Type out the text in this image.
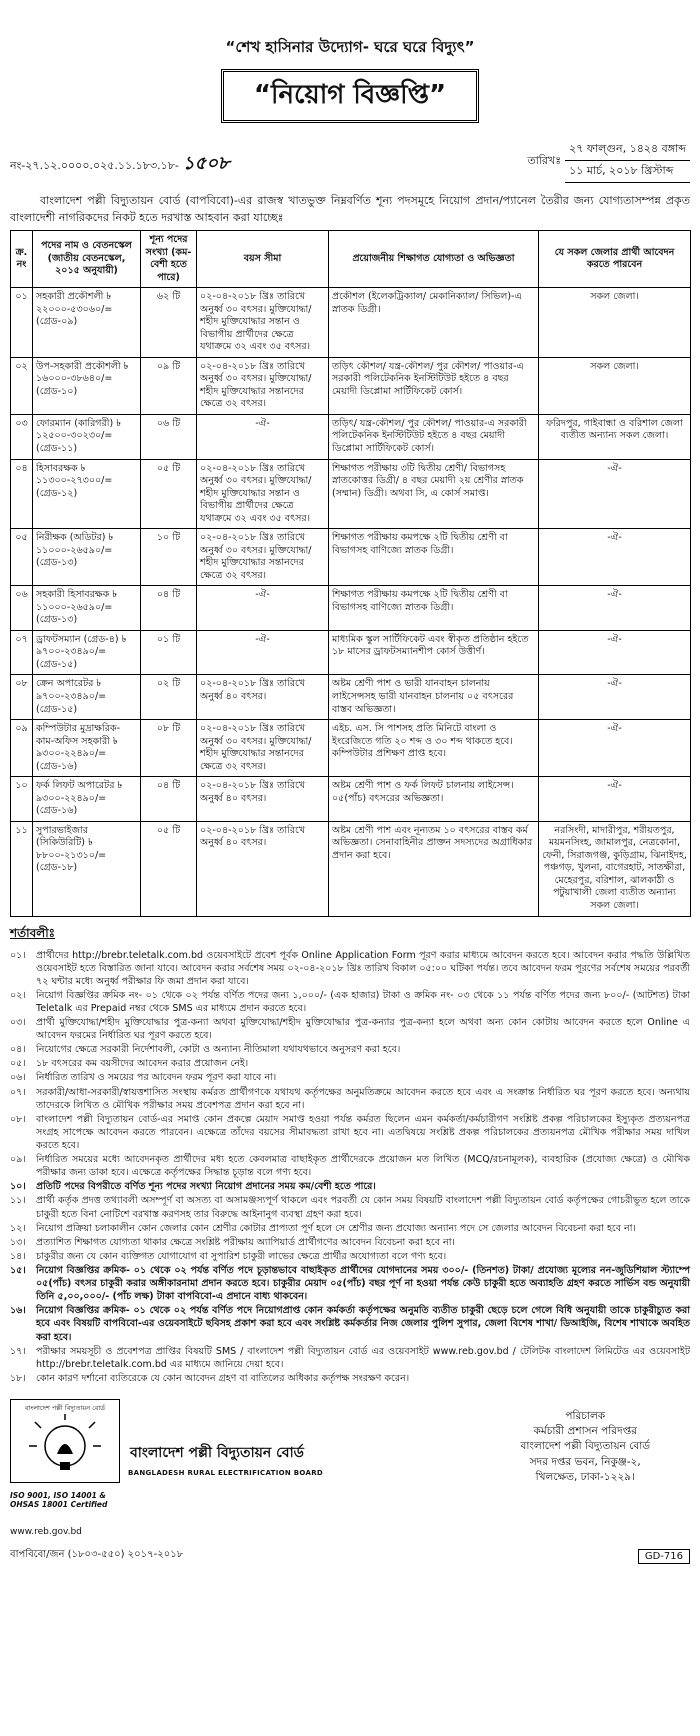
“শেখ হাসিনার উদ্যোগ- ঘরে ঘরে বিদ্যুৎ”
“নিয়োগ বিজ্ঞপ্তি”
নং-২৭.১২.০০০০.০২৫.১১.১৮৩.১৮- ১৫০৮	তারিখঃ
২৭ ফাল্গুন, ১৪২৪ বঙ্গাব্দ
১১ মার্চ, ২০১৮ খ্রিস্টাব্দ
বাংলাদেশ পল্লী বিদ্যুতায়ন বোর্ড (বাপবিবো)-এর রাজস্ব খাতভুক্ত নিম্নবর্ণিত শূন্য পদসমূহে নিয়োগ প্রদান/প্যানেল তৈরীর জন্য যোগ্যতাসম্পন্ন প্রকৃত বাংলাদেশী নাগরিকদের নিকট হতে দরখাস্ত আহবান করা যাচ্ছেঃ
ক্র. নং	পদের নাম ও বেতনস্কেল (জাতীয় বেতনস্কেল, ২০১৫ অনুযায়ী)	শূন্য পদের সংখ্যা (কম-বেশী হতে পারে)	বয়স সীমা	প্রয়োজনীয় শিক্ষাগত যোগ্যতা ও অভিজ্ঞতা	যে সকল জেলার প্রার্থী আবেদন করতে পারবেন
০১	সহকারী প্রকৌশলী ৳ ২২০০০-৫৩০৬০/= (গ্রেড-০৯)	৬২ টি	০২-০৪-২০১৮ খ্রিঃ তারিখে অনুর্ধ্ব ৩০ বৎসর। মুক্তিযোদ্ধা/ শহীদ মুক্তিযোদ্ধার সন্তান ও বিভাগীয় প্রার্থীদের ক্ষেত্রে যথাক্রমে ৩২ এবং ৩৫ বৎসর।	প্রকৌশল (ইলেকট্রিক্যাল/ মেকানিক্যাল/ সিভিল)-এ স্নাতক ডিগ্রী।	সকল জেলা।
০২	উপ-সহকারী প্রকৌশলী ৳ ১৬০০০-৩৮৬৪০/= (গ্রেড-১০)	০৯ টি	০২-০৪-২০১৮ খ্রিঃ তারিখে অনুর্ধ্ব ৩০ বৎসর। মুক্তিযোদ্ধা/ শহীদ মুক্তিযোদ্ধার সন্তানদের ক্ষেত্রে ৩২ বৎসর।	তড়িৎ কৌশল/ যন্ত্র-কৌশল/ পুর কৌশল/ পাওয়ার-এ সরকারী পলিটেকনিক ইনস্টিটিউট হইতে ৪ বছর মেয়াদী ডিপ্লোমা সার্টিফিকেট কোর্স।	সকল জেলা।
০৩	ফোরম্যান (কারিগরী) ৳ ১২৫০০-৩০২৩০/= (গ্রেড-১১)	০৬ টি	-ঐ-	তড়িৎ/ যন্ত্র-কৌশল/ পুর কৌশল/ পাওয়ার-এ সরকারী পলিটেকনিক ইনস্টিটিউট হইতে ৪ বছর মেয়াদী ডিপ্লোমা সার্টিফিকেট কোর্স।	ফরিদপুর, গাইবান্ধা ও বরিশাল জেলা ব্যতীত অন্যান্য সকল জেলা।
০৪	হিসাবরক্ষক ৳ ১১৩০০-২৭৩০০/= (গ্রেড-১২)	০৫ টি	০২-০৪-২০১৮ খ্রিঃ তারিখে অনুর্ধ্ব ৩০ বৎসর। মুক্তিযোদ্ধা/ শহীদ মুক্তিযোদ্ধার সন্তান ও বিভাগীয় প্রার্থীদের ক্ষেত্রে যথাক্রমে ৩২ এবং ৩৫ বৎসর।	শিক্ষাগত পরীক্ষায় ৩টি দ্বিতীয় শ্রেণী/ বিভাগসহ স্নাতকোত্তর ডিগ্রী/ ৪ বছর মেয়াদী ২য় শ্রেণীর স্নাতক (সম্মান) ডিগ্রী। অথবা সি, এ কোর্স সমাপ্ত।	-ঐ-
০৫	নিরীক্ষক (অডিটর) ৳ ১১০০০-২৬৫৯০/= (গ্রেড-১৩)	১০ টি	০২-০৪-২০১৮ খ্রিঃ তারিখে অনুর্ধ্ব ৩০ বৎসর। মুক্তিযোদ্ধা/ শহীদ মুক্তিযোদ্ধার সন্তানদের ক্ষেত্রে ৩২ বৎসর।	শিক্ষাগত পরীক্ষায় কমপক্ষে ২টি দ্বিতীয় শ্রেণী বা বিভাগসহ বাণিজ্যে স্নাতক ডিগ্রী।	-ঐ-
০৬	সহকারী হিসাবরক্ষক ৳ ১১০০০-২৬৫৯০/= (গ্রেড-১৩)	০৪ টি	-ঐ-	শিক্ষাগত পরীক্ষায় কমপক্ষে ২টি দ্বিতীয় শ্রেণী বা বিভাগসহ বাণিজ্যে স্নাতক ডিগ্রী।	-ঐ-
০৭	ড্রাফটসম্যান (গ্রেড-৪) ৳ ৯৭০০-২৩৪৯০/= (গ্রেড-১৫)	০১ টি	-ঐ-	মাধ্যমিক স্কুল সার্টিফিকেট এবং স্বীকৃত প্রতিষ্ঠান হইতে ১৮ মাসের ড্রাফটসম্যানশীপ কোর্স উত্তীর্ণ।	-ঐ-
০৮	ক্রেন অপারেটর ৳ ৯৭০০-২৩৪৯০/= (গ্রেড-১৫)	০২ টি	০২-০৪-২০১৮ খ্রিঃ তারিখে অনুর্ধ্ব ৪০ বৎসর।	অষ্টম শ্রেণী পাশ ও ভারী যানবাহন চালনায় লাইসেন্সসহ ভারী যানবাহন চালনায় ০৫ বৎসরের বাস্তব অভিজ্ঞতা।	-ঐ-
০৯	কম্পিউটার মুদ্রাক্ষরিক-কাম-অফিস সহকারী ৳ ৯৩০০-২২৪৯০/= (গ্রেড-১৬)	০৮ টি	০২-০৪-২০১৮ খ্রিঃ তারিখে অনুর্ধ্ব ৩০ বৎসর। মুক্তিযোদ্ধা/ শহীদ মুক্তিযোদ্ধার সন্তানদের ক্ষেত্রে ৩২ বৎসর।	এইচ. এস. সি পাশসহ প্রতি মিনিটে বাংলা ও ইংরেজিতে গতি ২০ শব্দ ও ৩০ শব্দ থাকতে হবে। কম্পিউটার প্রশিক্ষণ প্রাপ্ত হবে।	-ঐ-
১০	ফর্ক লিফট অপারেটর ৳ ৯৩০০-২২৪৯০/= (গ্রেড-১৬)	০৪ টি	০২-০৪-২০১৮ খ্রিঃ তারিখে অনুর্ধ্ব ৪০ বৎসর।	অষ্টম শ্রেণী পাশ ও ফর্ক লিফট চালনায় লাইসেন্স। ০৫(পাঁচ) বৎসরের অভিজ্ঞতা।	-ঐ-
১১	সুপারভাইজার (সিকিউরিটি) ৳ ৮৮০০-২১৩১০/= (গ্রেড-১৮)	০৫ টি	০২-০৪-২০১৮ খ্রিঃ তারিখে অনুর্ধ্ব ৪০ বৎসর।	অষ্টম শ্রেণী পাশ এবং নূন্যতম ১০ বৎসরের বাস্তব কর্ম অভিজ্ঞতা। সেনাবাহিনীর প্রাক্তন সদস্যদের অগ্রাধিকার প্রদান করা হবে।	নরসিংদী, মাদারীপুর, শরীয়তপুর, ময়মনসিংহ, জামালপুর, নেত্রকোনা, ফেনী, সিরাজগঞ্জ, কুড়িগ্রাম, ঝিনাইদহ, পঞ্চগড়, খুলনা, বাগেরহাট, সাতক্ষীরা, মেহেরপুর, বরিশাল, ঝালকাঠী ও পটুয়াখালী জেলা ব্যতীত অন্যান্য সকল জেলা।
শর্তাবলীঃ
০১।	প্রার্থীদের http://brebr.teletalk.com.bd ওয়েবসাইটে প্রবেশ পূর্বক Online Application Form পূরণ করার মাধ্যমে আবেদন করতে হবে। আবেদন করার পদ্ধতি উল্লিখিত ওয়েবসাইট হতে বিস্তারিত জানা যাবে। আবেদন করার সর্বশেষ সময় ০২-০৪-২০১৮ খ্রিঃ তারিখ বিকাল ০৫:০০ ঘটিকা পর্যন্ত। তবে আবেদন ফরম পূরণের সর্বশেষ সময়ের পরবর্তী ৭২ ঘন্টার মধ্যে অনুর্ধ্ব পরীক্ষার ফি জমা প্রদান করা যাবে।
০২।	নিয়োগ বিজ্ঞপ্তির ক্রমিক নং- ০১ থেকে ০২ পর্যন্ত বর্ণিত পদের জন্য ১,০০০/- (এক হাজার) টাকা ও ক্রমিক নং- ০৩ থেকে ১১ পর্যন্ত বর্ণিত পদের জন্য ৮০০/- (আটশত) টাকা Teletalk এর Prepaid নম্বর থেকে SMS এর মাধ্যমে প্রদান করতে হবে।
০৩।	প্রার্থী মুক্তিযোদ্ধা/শহীদ মুক্তিযোদ্ধার পুত্র-কন্যা অথবা মুক্তিযোদ্ধা/শহীদ মুক্তিযোদ্ধার পুত্র-কন্যার পুত্র-কন্যা হলে অথবা অন্য কোন কোটায় আবেদন করতে হলে Online এ আবেদন ফরমের নির্ধারিত ঘর পূরণ করতে হবে।
০৪।	নিয়োগের ক্ষেত্রে সরকারী নির্দেশাবলী, কোটা ও অন্যান্য নীতিমালা যথাযথভাবে অনুসরণ করা হবে।
০৫।	১৮ বৎসরের কম বয়সীদের আবেদন করার প্রয়োজন নেই।
০৬।	নির্ধারিত তারিখ ও সময়ের পর আবেদন ফরম পূরণ করা যাবে না।
০৭।	সরকারী/আধা-সরকারী/স্বায়ত্তশাসিত সংস্থায় কর্মরত প্রার্থীগণকে যথাযথ কর্তৃপক্ষের অনুমতিক্রমে আবেদন করতে হবে এবং এ সংক্রান্ত নির্ধারিত ঘর পূরণ করতে হবে। অন্যথায় তাদেরকে লিখিত ও মৌখিক পরীক্ষার সময় প্রবেশপত্র প্রদান করা হবে না।
০৮।	বাংলাদেশ পল্লী বিদ্যুতায়ন বোর্ড-এর সমাপ্ত কোন প্রকল্পে মেয়াদ সমাপ্ত হওয়া পর্যন্ত কর্মরত ছিলেন এমন কর্মকর্তা/কর্মচারীগণ সংশ্লিষ্ট প্রকল্প পরিচালকের ইস্যুকৃত প্রত্যয়নপত্র সংগ্রহ সাপেক্ষে আবেদন করতে পারবেন। এক্ষেত্রে তাঁদের বয়সের সীমাবদ্ধতা রাখা হবে না। এতদ্বিষয়ে সংশ্লিষ্ট প্রকল্প পরিচালকের প্রত্যয়নপত্র মৌখিক পরীক্ষার সময় দাখিল করতে হবে।
০৯।	নির্ধারিত সময়ের মধ্যে আবেদনকৃত প্রার্থীদের মধ্য হতে কেবলমাত্র বাছাইকৃত প্রার্থীদেরকে প্রয়োজন মত লিখিত (MCQ/রচনামূলক), ব্যবহারিক (প্রযোজ্য ক্ষেত্রে) ও মৌখিক পরীক্ষার জন্য ডাকা হবে। এক্ষেত্রে কর্তৃপক্ষের সিদ্ধান্ত চূড়ান্ত বলে গণ্য হবে।
১০।	প্রতিটি পদের বিপরীতে বর্ণিত শূন্য পদের সংখ্যা নিয়োগ প্রদানের সময় কম/বেশী হতে পারে।
১১।	প্রার্থী কর্তৃক প্রদত্ত তথ্যাবলী অসম্পূর্ণ বা অসত্য বা অসামঞ্জস্যপূর্ণ থাকলে এবং পরবর্তী যে কোন সময় বিষয়টি বাংলাদেশ পল্লী বিদ্যুতায়ন বোর্ড কর্তৃপক্ষের গোচরীভূত হলে তাকে চাকুরী হতে বিনা নোটিশে বরখাস্ত করণসহ তার বিরুদ্ধে আইনানুগ ব্যবস্থা গ্রহণ করা হবে।
১২।	নিয়োগ প্রক্রিয়া চলাকালীন কোন জেলার কোন শ্রেণীর কোটার প্রাপ্যতা পূর্ণ হলে সে শ্রেণীর জন্য প্রযোজ্য অন্যান্য পদে সে জেলার আবেদন বিবেচনা করা হবে না।
১৩।	প্রত্যাশিত শিক্ষাগত যোগ্যতা থাকার ক্ষেত্রে সংশ্লিষ্ট পরীক্ষায় অ্যাপিয়ার্ড প্রার্থীগণের আবেদন বিবেচনা করা হবে না।
১৪।	চাকুরীর জন্য যে কোন ব্যক্তিগত যোগাযোগ বা সুপারিশ চাকুরী লাভের ক্ষেত্রে প্রার্থীর অযোগ্যতা বলে গণ্য হবে।
১৫।	নিয়োগ বিজ্ঞপ্তির ক্রমিক- ০১ থেকে ০২ পর্যন্ত বর্ণিত পদে চূড়ান্তভাবে বাছাইকৃত প্রার্থীদের যোগদানের সময় ৩০০/- (তিনশত) টাকা/ প্রযোজ্য মূল্যের নন-জুডিশিয়াল স্ট্যাম্পে ০৫(পাঁচ) বৎসর চাকুরী করার অঙ্গীকারনামা প্রদান করতে হবে। চাকুরীর মেয়াদ ০৫(পাঁচ) বছর পূর্ণ না হওয়া পর্যন্ত কেউ চাকুরী হতে অব্যাহতি গ্রহণ করতে সার্ভিস বন্ড অনুযায়ী তিনি ৫,০০,০০০/- (পাঁচ লক্ষ) টাকা বাপবিবো-এ প্রদানে বাধ্য থাকবেন।
১৬।	নিয়োগ বিজ্ঞপ্তির ক্রমিক- ০১ থেকে ০২ পর্যন্ত বর্ণিত পদে নিয়োগপ্রাপ্ত কোন কর্মকর্তা কর্তৃপক্ষের অনুমতি ব্যতীত চাকুরী ছেড়ে চলে গেলে বিধি অনুযায়ী তাকে চাকুরীচ্যুত করা হবে এবং বিষয়টি বাপবিবো-এর ওয়েবসাইটে ছবিসহ প্রকাশ করা হবে এবং সংশ্লিষ্ট কর্মকর্তার নিজ জেলার পুলিশ সুপার, জেলা বিশেষ শাখা/ ডিআইজি, বিশেষ শাখাকে অবহিত করা হবে।
১৭।	পরীক্ষার সময়সূচী ও প্রবেশপত্র প্রাপ্তির বিষয়টি SMS / বাংলাদেশ পল্লী বিদ্যুতায়ন বোর্ড এর ওয়েবসাইট www.reb.gov.bd / টেলিটক বাংলাদেশ লিমিটেড এর ওয়েবসাইট http://brebr.teletalk.com.bd এর মাধ্যমে জানিয়ে দেয়া হবে।
১৮।	কোন কারণ দর্শানো ব্যতিরেকে যে কোন আবেদন গ্রহণ বা বাতিলের অধিকার কর্তৃপক্ষ সংরক্ষণ করেন।
বাংলাদেশ পল্লী বিদ্যুতায়ন বোর্ড
বাংলাদেশ পল্লী বিদ্যুতায়ন বোর্ড
BANGLADESH RURAL ELECTRIFICATION BOARD
ISO 9001, ISO 14001 &
OHSAS 18001 Certified
www.reb.gov.bd
বাপবিবো/জন (১৮০৩-৫৫০) ২০১৭-২০১৮
পরিচালক
কর্মচারী প্রশাসন পরিদপ্তর
বাংলাদেশ পল্লী বিদ্যুতায়ন বোর্ড
সদর দপ্তর ভবন, নিকুঞ্জ-২,
খিলক্ষেত, ঢাকা-১২২৯।
GD-716
